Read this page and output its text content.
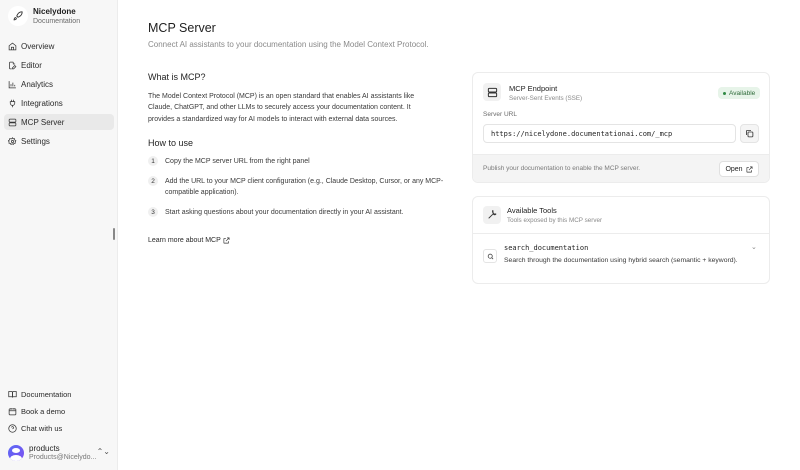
Nicelydone
Documentation
Overview
Editor
Analytics
Integrations
MCP Server
Settings
Documentation
Book a demo
Chat with us
products
Products@Nicelydo...
⌃⌄
MCP Server
Connect AI assistants to your documentation using the Model Context Protocol.
What is MCP?
The Model Context Protocol (MCP) is an open standard that enables AI assistants like Claude, ChatGPT, and other LLMs to securely access your documentation content. It provides a standardized way for AI models to interact with external data sources.
How to use
1	Copy the MCP server URL from the right panel
2	Add the URL to your MCP client configuration (e.g., Claude Desktop, Cursor, or any MCP-compatible application).
3	Start asking questions about your documentation directly in your AI assistant.
Learn more about MCP
MCP Endpoint
Server-Sent Events (SSE)
Available
Server URL
https://nicelydone.documentationai.com/_mcp
Publish your documentation to enable the MCP server.	Open
Available Tools
Tools exposed by this MCP server
search_documentation
Search through the documentation using hybrid search (semantic + keyword).
⌄
